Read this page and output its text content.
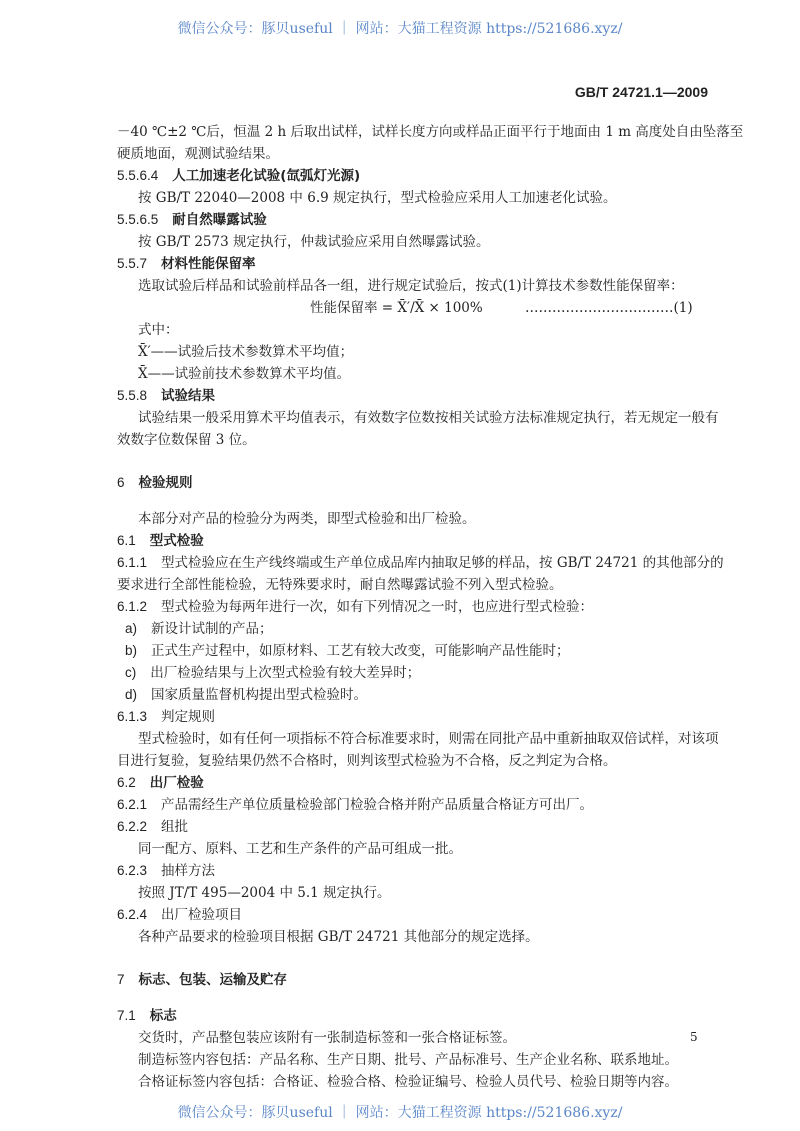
微信公众号：豚贝useful ｜ 网站：大猫工程资源 https://521686.xyz/
GB/T 24721.1—2009
－40 ℃±2 ℃后，恒温 2 h 后取出试样，试样长度方向或样品正面平行于地面由 1 m 高度处自由坠落至
硬质地面，观测试验结果。
5.5.6.4 人工加速老化试验(氙弧灯光源)
按 GB/T 22040—2008 中 6.9 规定执行，型式检验应采用人工加速老化试验。
5.5.6.5 耐自然曝露试验
按 GB/T 2573 规定执行，仲裁试验应采用自然曝露试验。
5.5.7 材料性能保留率
选取试验后样品和试验前样品各一组，进行规定试验后，按式(1)计算技术参数性能保留率：
性能保留率 = X̄′/X̄ × 100%	……………………………(1)
式中：
X̄′——试验后技术参数算术平均值；
X̄——试验前技术参数算术平均值。
5.5.8 试验结果
试验结果一般采用算术平均值表示，有效数字位数按相关试验方法标准规定执行，若无规定一般有
效数字位数保留 3 位。
6 检验规则
本部分对产品的检验分为两类，即型式检验和出厂检验。
6.1 型式检验
6.1.1 型式检验应在生产线终端或生产单位成品库内抽取足够的样品，按 GB/T 24721 的其他部分的
要求进行全部性能检验，无特殊要求时，耐自然曝露试验不列入型式检验。
6.1.2 型式检验为每两年进行一次，如有下列情况之一时，也应进行型式检验：
a) 新设计试制的产品；
b) 正式生产过程中，如原材料、工艺有较大改变，可能影响产品性能时；
c) 出厂检验结果与上次型式检验有较大差异时；
d) 国家质量监督机构提出型式检验时。
6.1.3 判定规则
型式检验时，如有任何一项指标不符合标准要求时，则需在同批产品中重新抽取双倍试样，对该项
目进行复验，复验结果仍然不合格时，则判该型式检验为不合格，反之判定为合格。
6.2 出厂检验
6.2.1 产品需经生产单位质量检验部门检验合格并附产品质量合格证方可出厂。
6.2.2 组批
同一配方、原料、工艺和生产条件的产品可组成一批。
6.2.3 抽样方法
按照 JT/T 495—2004 中 5.1 规定执行。
6.2.4 出厂检验项目
各种产品要求的检验项目根据 GB/T 24721 其他部分的规定选择。
7 标志、包装、运输及贮存
7.1 标志
交货时，产品整包装应该附有一张制造标签和一张合格证标签。
制造标签内容包括：产品名称、生产日期、批号、产品标准号、生产企业名称、联系地址。
合格证标签内容包括：合格证、检验合格、检验证编号、检验人员代号、检验日期等内容。
5
微信公众号：豚贝useful ｜ 网站：大猫工程资源 https://521686.xyz/
